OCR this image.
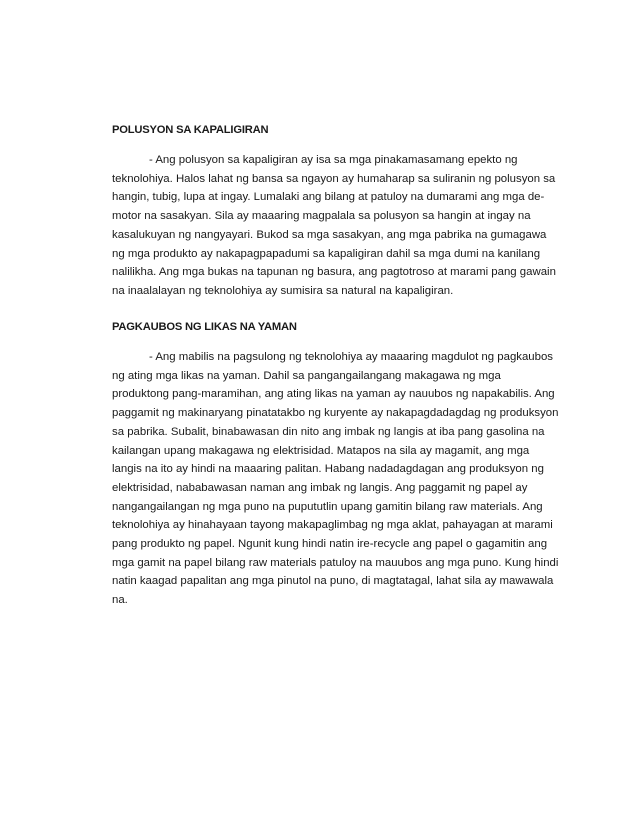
POLUSYON SA KAPALIGIRAN
- Ang polusyon sa kapaligiran ay isa sa mga pinakamasamang epekto ng
teknolohiya. Halos lahat ng bansa sa ngayon ay humaharap sa suliranin ng polusyon sa
hangin, tubig, lupa at ingay. Lumalaki ang bilang at patuloy na dumarami ang mga de-
motor na sasakyan. Sila ay maaaring magpalala sa polusyon sa hangin at ingay na
kasalukuyan ng nangyayari. Bukod sa mga sasakyan, ang mga pabrika na gumagawa
ng mga produkto ay nakapagpapadumi sa kapaligiran dahil sa mga dumi na kanilang
nalilikha. Ang mga bukas na tapunan ng basura, ang pagtotroso at marami pang gawain
na inaalalayan ng teknolohiya ay sumisira sa natural na kapaligiran.
PAGKAUBOS NG LIKAS NA YAMAN
- Ang mabilis na pagsulong ng teknolohiya ay maaaring magdulot ng pagkaubos
ng ating mga likas na yaman. Dahil sa pangangailangang makagawa ng mga
produktong pang-maramihan, ang ating likas na yaman ay nauubos ng napakabilis. Ang
paggamit ng makinaryang pinatatakbo ng kuryente ay nakapagdadagdag ng produksyon
sa pabrika. Subalit, binabawasan din nito ang imbak ng langis at iba pang gasolina na
kailangan upang makagawa ng elektrisidad. Matapos na sila ay magamit, ang mga
langis na ito ay hindi na maaaring palitan. Habang nadadagdagan ang produksyon ng
elektrisidad, nababawasan naman ang imbak ng langis. Ang paggamit ng papel ay
nangangailangan ng mga puno na pupututlin upang gamitin bilang raw materials. Ang
teknolohiya ay hinahayaan tayong makapaglimbag ng mga aklat, pahayagan at marami
pang produkto ng papel. Ngunit kung hindi natin ire-recycle ang papel o gagamitin ang
mga gamit na papel bilang raw materials patuloy na mauubos ang mga puno. Kung hindi
natin kaagad papalitan ang mga pinutol na puno, di magtatagal, lahat sila ay mawawala
na.
